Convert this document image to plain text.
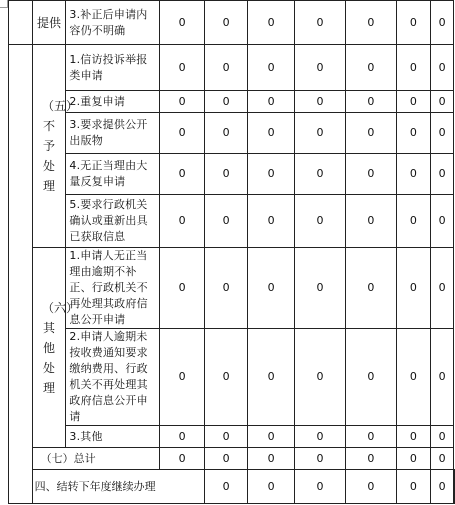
	提供	3.补正后申请内容仍不明确	0	0	0	0	0	0	0	

	（五）不予处理	1.信访投诉举报类申请	0	0	0	0	0	0	0	
		2.重复申请	0	0	0	0	0	0	0	
		3.要求提供公开出版物	0	0	0	0	0	0	0	
		4.无正当理由大量反复申请	0	0	0	0	0	0	0	
		5.要求行政机关确认或重新出具已获取信息	0	0	0	0	0	0	0	

	（六）其他处理	1.申请人无正当理由逾期不补正、行政机关不再处理其政府信息公开申请	0	0	0	0	0	0	0	
		2.申请人逾期未按收费通知要求缴纳费用、行政机关不再处理其政府信息公开申请	0	0	0	0	0	0	0	
		3.其他	0	0	0	0	0	0	0	
	（七）总计		0	0	0	0	0	0	0	
	四、结转下年度继续办理			0	0	0	0	0	0	
